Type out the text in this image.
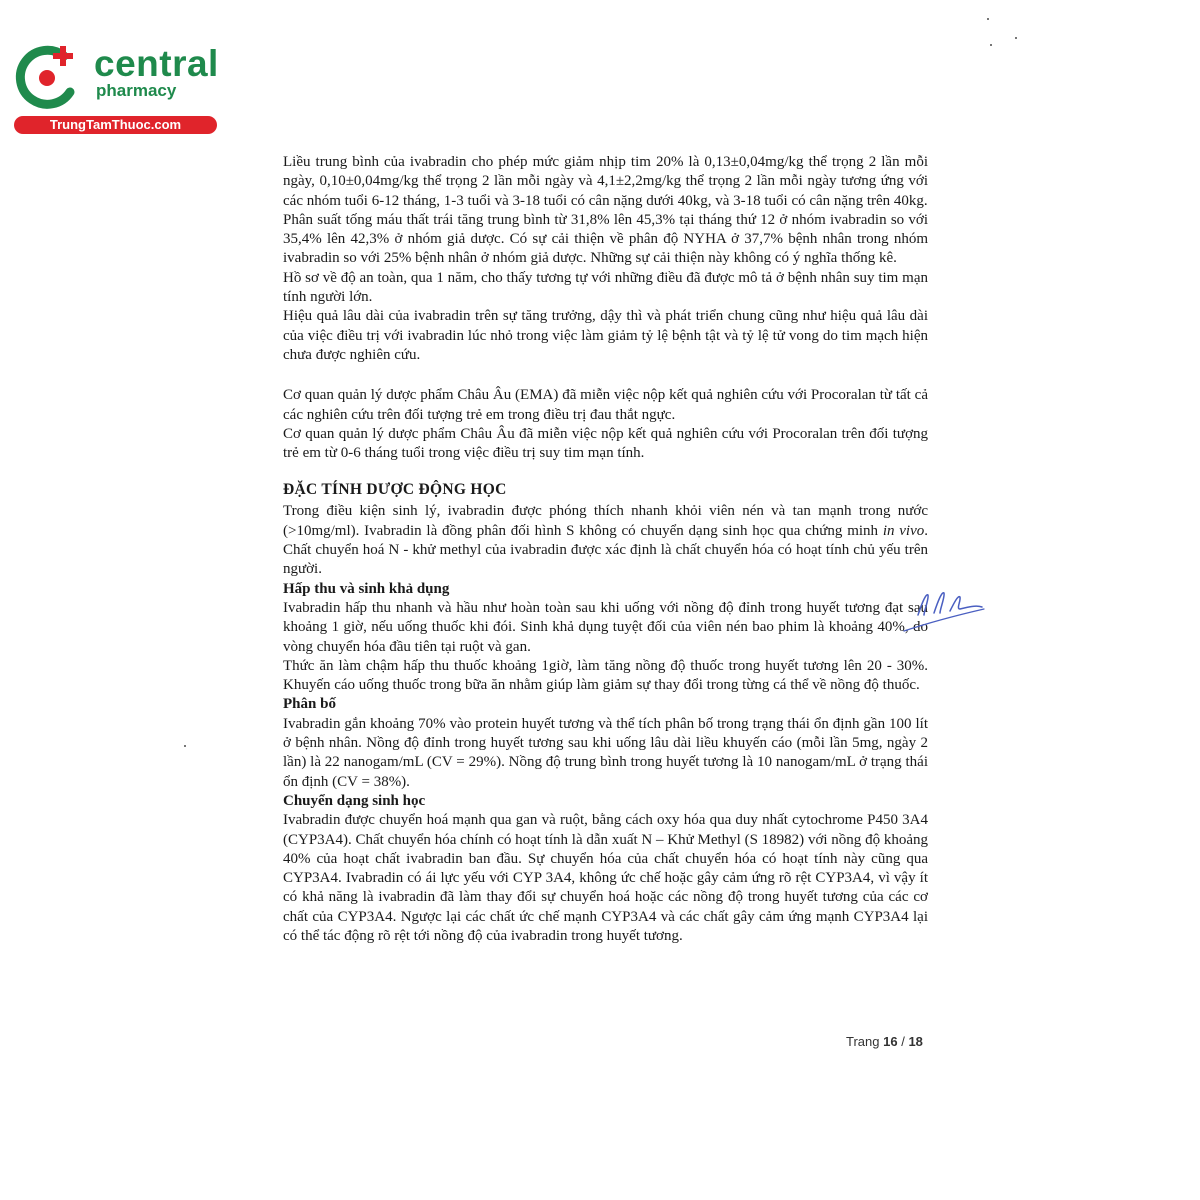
central
pharmacy
TrungTamThuoc.com

Liều trung bình của ivabradin cho phép mức giảm nhịp tim 20% là 0,13±0,04mg/kg thể trọng 2 lần mỗi ngày, 0,10±0,04mg/kg thể trọng 2 lần mỗi ngày và 4,1±2,2mg/kg thể trọng 2 lần mỗi ngày tương ứng với các nhóm tuổi 6-12 tháng, 1-3 tuổi và 3-18 tuổi có cân nặng dưới 40kg, và 3-18 tuổi có cân nặng trên 40kg.

Phân suất tống máu thất trái tăng trung bình từ 31,8% lên 45,3% tại tháng thứ 12 ở nhóm ivabradin so với 35,4% lên 42,3% ở nhóm giả dược. Có sự cải thiện về phân độ NYHA ở 37,7% bệnh nhân trong nhóm ivabradin so với 25% bệnh nhân ở nhóm giả dược. Những sự cải thiện này không có ý nghĩa thống kê.

Hồ sơ về độ an toàn, qua 1 năm, cho thấy tương tự với những điều đã được mô tả ở bệnh nhân suy tim mạn tính người lớn.

Hiệu quả lâu dài của ivabradin trên sự tăng trưởng, dậy thì và phát triển chung cũng như hiệu quả lâu dài của việc điều trị với ivabradin lúc nhỏ trong việc làm giảm tỷ lệ bệnh tật và tỷ lệ tử vong do tim mạch hiện chưa được nghiên cứu.

Cơ quan quản lý dược phẩm Châu Âu (EMA) đã miễn việc nộp kết quả nghiên cứu với Procoralan từ tất cả các nghiên cứu trên đối tượng trẻ em trong điều trị đau thắt ngực.

Cơ quan quản lý dược phẩm Châu Âu đã miễn việc nộp kết quả nghiên cứu với Procoralan trên đối tượng trẻ em từ 0-6 tháng tuổi trong việc điều trị suy tim mạn tính.

ĐẶC TÍNH DƯỢC ĐỘNG HỌC

Trong điều kiện sinh lý, ivabradin được phóng thích nhanh khỏi viên nén và tan mạnh trong nước (>10mg/ml). Ivabradin là đồng phân đối hình S không có chuyển dạng sinh học qua chứng minh in vivo. Chất chuyển hoá N - khử methyl của ivabradin được xác định là chất chuyển hóa có hoạt tính chủ yếu trên người.

Hấp thu và sinh khả dụng

Ivabradin hấp thu nhanh và hầu như hoàn toàn sau khi uống với nồng độ đỉnh trong huyết tương đạt sau khoảng 1 giờ, nếu uống thuốc khi đói. Sinh khả dụng tuyệt đối của viên nén bao phim là khoảng 40%, do vòng chuyển hóa đầu tiên tại ruột và gan.

Thức ăn làm chậm hấp thu thuốc khoảng 1giờ, làm tăng nồng độ thuốc trong huyết tương lên 20 - 30%. Khuyến cáo uống thuốc trong bữa ăn nhằm giúp làm giảm sự thay đổi trong từng cá thể về nồng độ thuốc.

Phân bố

Ivabradin gắn khoảng 70% vào protein huyết tương và thể tích phân bố trong trạng thái ổn định gần 100 lít ở bệnh nhân. Nồng độ đỉnh trong huyết tương sau khi uống lâu dài liều khuyến cáo (mỗi lần 5mg, ngày 2 lần) là 22 nanogam/mL (CV = 29%). Nồng độ trung bình trong huyết tương là 10 nanogam/mL ở trạng thái ổn định (CV = 38%).

Chuyển dạng sinh học

Ivabradin được chuyển hoá mạnh qua gan và ruột, bằng cách oxy hóa qua duy nhất cytochrome P450 3A4 (CYP3A4). Chất chuyển hóa chính có hoạt tính là dẫn xuất N – Khử Methyl (S 18982) với nồng độ khoảng 40% của hoạt chất ivabradin ban đầu. Sự chuyển hóa của chất chuyển hóa có hoạt tính này cũng qua CYP3A4. Ivabradin có ái lực yếu với CYP 3A4, không ức chế hoặc gây cảm ứng rõ rệt CYP3A4, vì vậy ít có khả năng là ivabradin đã làm thay đổi sự chuyển hoá hoặc các nồng độ trong huyết tương của các cơ chất của CYP3A4. Ngược lại các chất ức chế mạnh CYP3A4 và các chất gây cảm ứng mạnh CYP3A4 lại có thể tác động rõ rệt tới nồng độ của ivabradin trong huyết tương.

Trang 16 / 18
